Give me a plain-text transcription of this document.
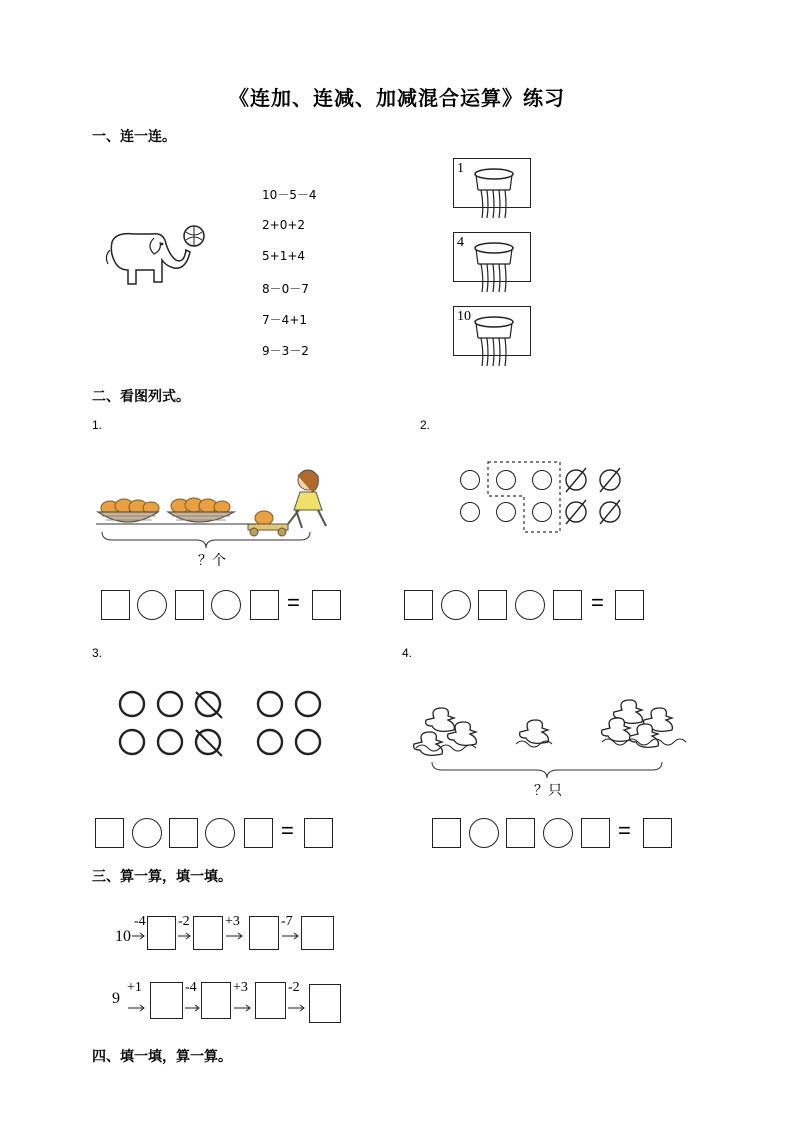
《连加、连减、加减混合运算》练习
一、连一连。
10－5－4
2+0+2
5+1+4
8－0－7
7－4+1
9－3－2
1
4
10
二、看图列式。
1.	2.
？个
=	=
3.	4.
？只
=	=
三、算一算，填一填。
10
-4 -2	+3	-7
9
+1	-4	+3	-2
四、填一填，算一算。
